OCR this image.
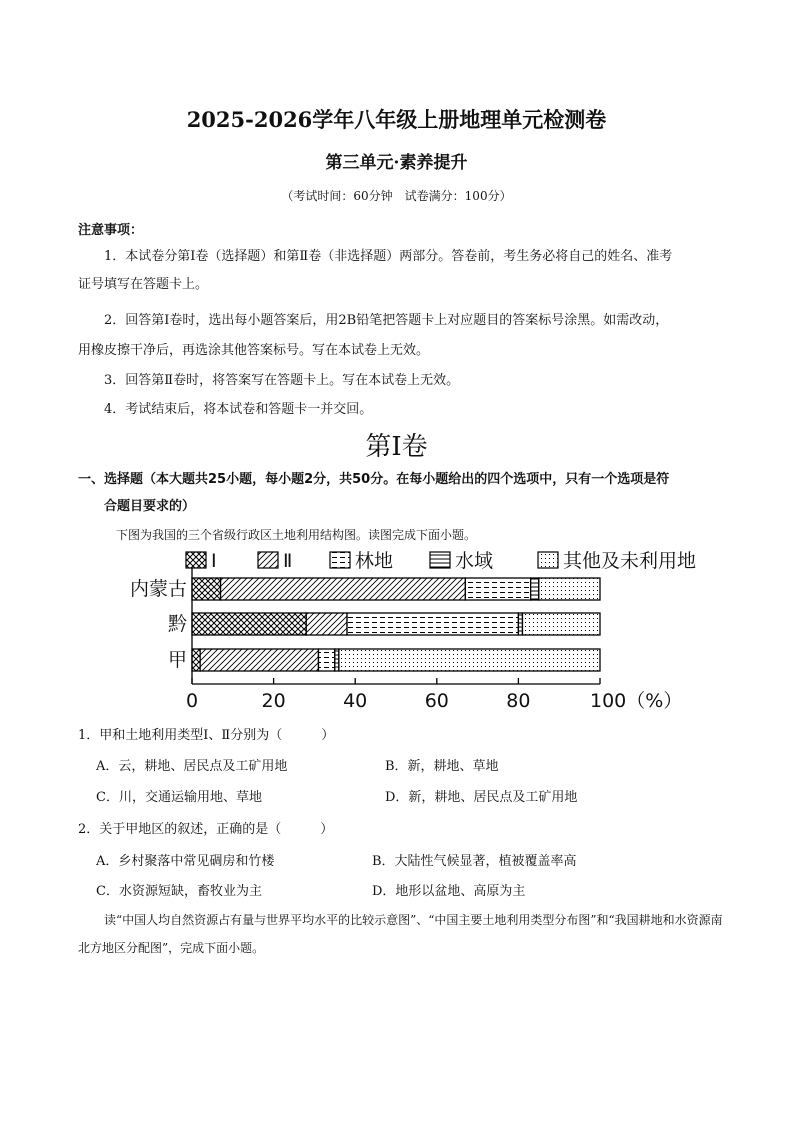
2025-2026学年八年级上册地理单元检测卷
第三单元·素养提升
（考试时间：60分钟　试卷满分：100分）
注意事项：
1．本试卷分第Ⅰ卷（选择题）和第Ⅱ卷（非选择题）两部分。答卷前，考生务必将自己的姓名、准考
证号填写在答题卡上。
2．回答第Ⅰ卷时，选出每小题答案后，用2B铅笔把答题卡上对应题目的答案标号涂黑。如需改动，
用橡皮擦干净后，再选涂其他答案标号。写在本试卷上无效。
3．回答第Ⅱ卷时，将答案写在答题卡上。写在本试卷上无效。
4．考试结束后，将本试卷和答题卡一并交回。
第Ⅰ卷
一、选择题（本大题共25小题，每小题2分，共50分。在每小题给出的四个选项中，只有一个选项是符
合题目要求的）
下图为我国的三个省级行政区土地利用结构图。读图完成下面小题。
Ⅰ	Ⅱ	林地	水域	其他及未利用地
内蒙古
黔
甲
0	20	40	60	80	100（%）
1．甲和土地利用类型Ⅰ、Ⅱ分别为（　　　）
A．云，耕地、居民点及工矿用地	B．新，耕地、草地
C．川，交通运输用地、草地	D．新，耕地、居民点及工矿用地
2．关于甲地区的叙述，正确的是（　　　）
A．乡村聚落中常见碉房和竹楼	B．大陆性气候显著，植被覆盖率高
C．水资源短缺，畜牧业为主	D．地形以盆地、高原为主
读“中国人均自然资源占有量与世界平均水平的比较示意图”、“中国主要土地利用类型分布图”和“我国耕地和水资源南北方地区分配图”，完成下面小题。
